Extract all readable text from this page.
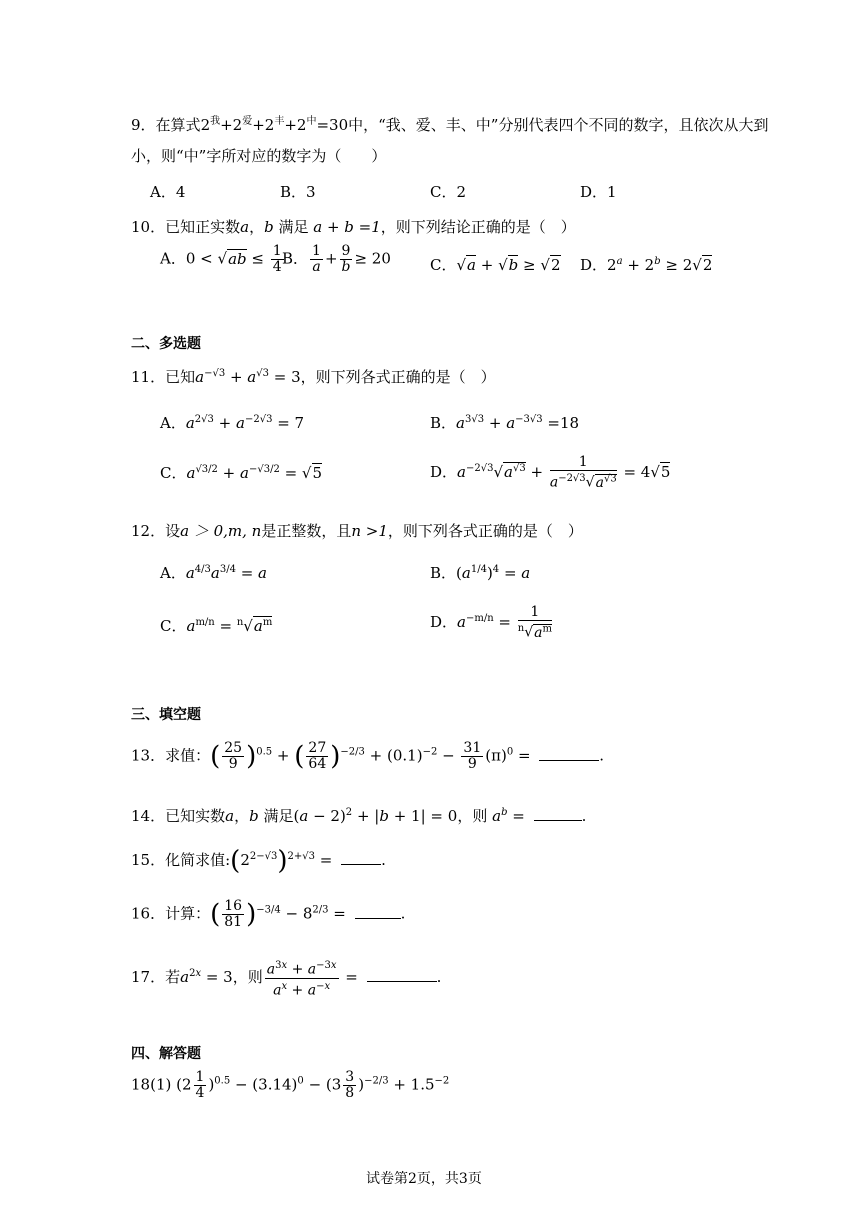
9．在算式$2^我+2^爱+2^丰+2^中=30$中，“我、爱、丰、中”分别代表四个不同的数字，且依次从大到
小，则“中”字所对应的数字为（　　）
A．4	B．3	C．2	D．1
10．已知正实数a，b 满足 a + b =1，则下列结论正确的是（　）
A．$0 < √ab \le \frac{1}{4}$
B． $\frac{1}{a} + \frac{9}{b} \ge 20$	C．√a + √b ≥ √2 D．$2^a + 2^b \ge 2√2$
二、多选题
11．已知$a^{-√3} + a^{√3} = 3$，则下列各式正确的是（　）
A．$a^{2√3} + a^{-2√3} = 7$	B．$a^{3√3} + a^{-3√3} =18$
C．$a^{√3/2} + a^{-√3/2} = √5$	D．$a^{-2√3}√a^{√3} + \frac{1}{a^{-2√3}√a^{√3}} = 4√5$
12．设a ＞ 0,m, n是正整数，且n >1，则下列各式正确的是（　）
A．$a^{4/3}a^{3/4} = a$	B．$(a^{1/4})^4 = a$
C．$a^{m/n} = ^n√a^m$	D．$a^{-m/n} = \frac{1}{^n√a^m}$
三、填空题
13．求值：( $\frac{25}{9} )^{0.5}$ + ( $\frac{27}{64} )^{-2/3} + (0.1)^{-2} - \frac{31}{9} (\pi)^0$ =	.
14．已知实数a，b 满足$(a - 2)^2 + |b + 1| = 0$，则 $a^b$ =	.
15．化简求值$:(2^{2-√3})^{2+√3}$ =	.
16．计算：( $\frac{16}{81} )^{-3/4} - 8^{2/3}$ =	.
17．若$a^{2x} = 3$，则 $\frac{a^{3x} + a^{-3x}}{a^x + a^{-x}}$ =	.
四、解答题
18(1) $(2 \frac{1}{4} )^{0.5} - (3.14)^0 - (3 \frac{3}{8} )^{-2/3} + 1.5^{-2}$
试卷第2页，共3页
